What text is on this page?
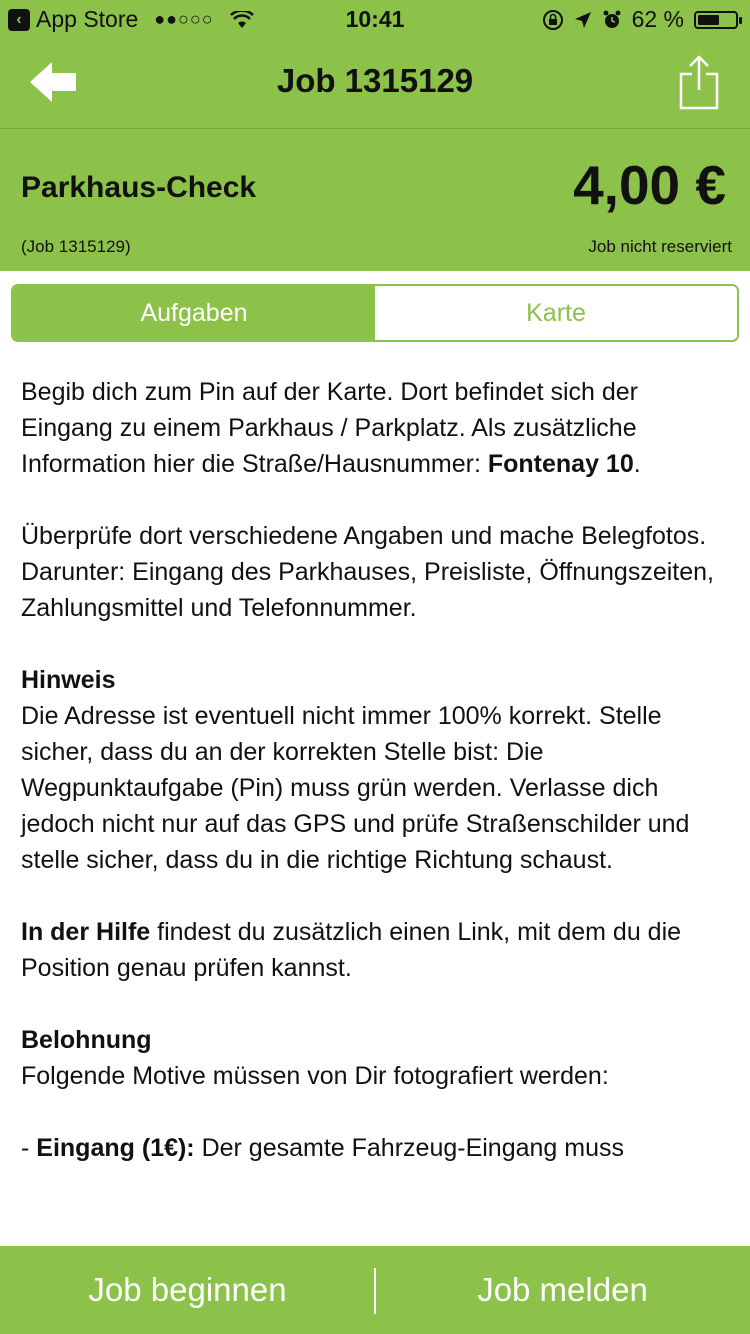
‹ App Store ●●○○○	10:41	62 %
Job 1315129
Parkhaus-Check	4,00 €
(Job 1315129)	Job nicht reserviert
Aufgaben	Karte

Begib dich zum Pin auf der Karte. Dort befindet sich der Eingang zu einem Parkhaus / Parkplatz. Als zusätzliche Information hier die Straße/Hausnummer: Fontenay 10.

Überprüfe dort verschiedene Angaben und mache Belegfotos. Darunter: Eingang des Parkhauses, Preisliste, Öffnungszeiten, Zahlungsmittel und Telefonnummer.

Hinweis
Die Adresse ist eventuell nicht immer 100% korrekt. Stelle sicher, dass du an der korrekten Stelle bist: Die Wegpunktaufgabe (Pin) muss grün werden. Verlasse dich jedoch nicht nur auf das GPS und prüfe Straßenschilder und stelle sicher, dass du in die richtige Richtung schaust.

In der Hilfe findest du zusätzlich einen Link, mit dem du die Position genau prüfen kannst.

Belohnung
Folgende Motive müssen von Dir fotografiert werden:

- Eingang (1€): Der gesamte Fahrzeug-Eingang muss

Job beginnen	Job melden
